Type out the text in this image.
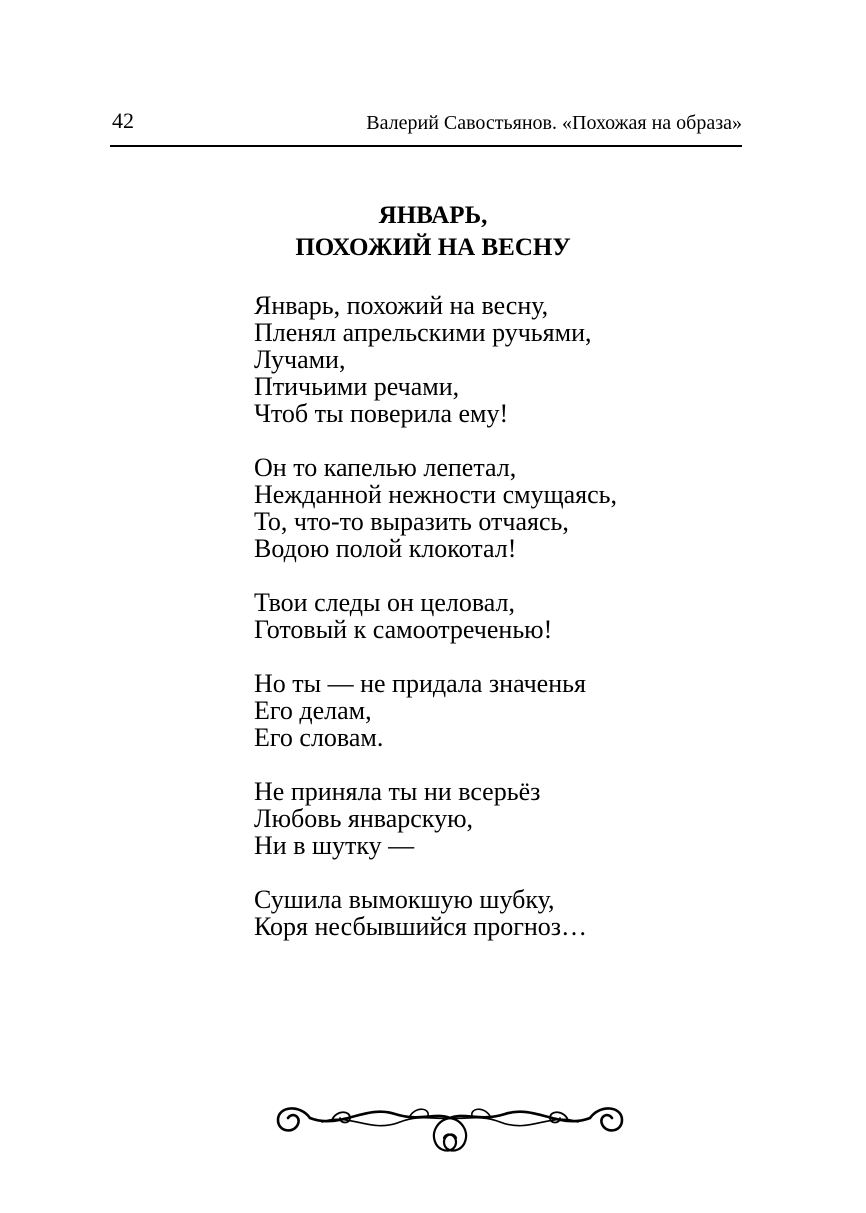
42	Валерий Савостьянов. «Похожая на образа»
ЯНВАРЬ,
ПОХОЖИЙ НА ВЕСНУ
Январь, похожий на весну,
Пленял апрельскими ручьями,
Лучами,
Птичьими речами,
Чтоб ты поверила ему!
Он то капелью лепетал,
Нежданной нежности смущаясь,
То, что-то выразить отчаясь,
Водою полой клокотал!
Твои следы он целовал,
Готовый к самоотреченью!
Но ты — не придала значенья
Его делам,
Его словам.
Не приняла ты ни всерьёз
Любовь январскую,
Ни в шутку —
Сушила вымокшую шубку,
Коря несбывшийся прогноз…
